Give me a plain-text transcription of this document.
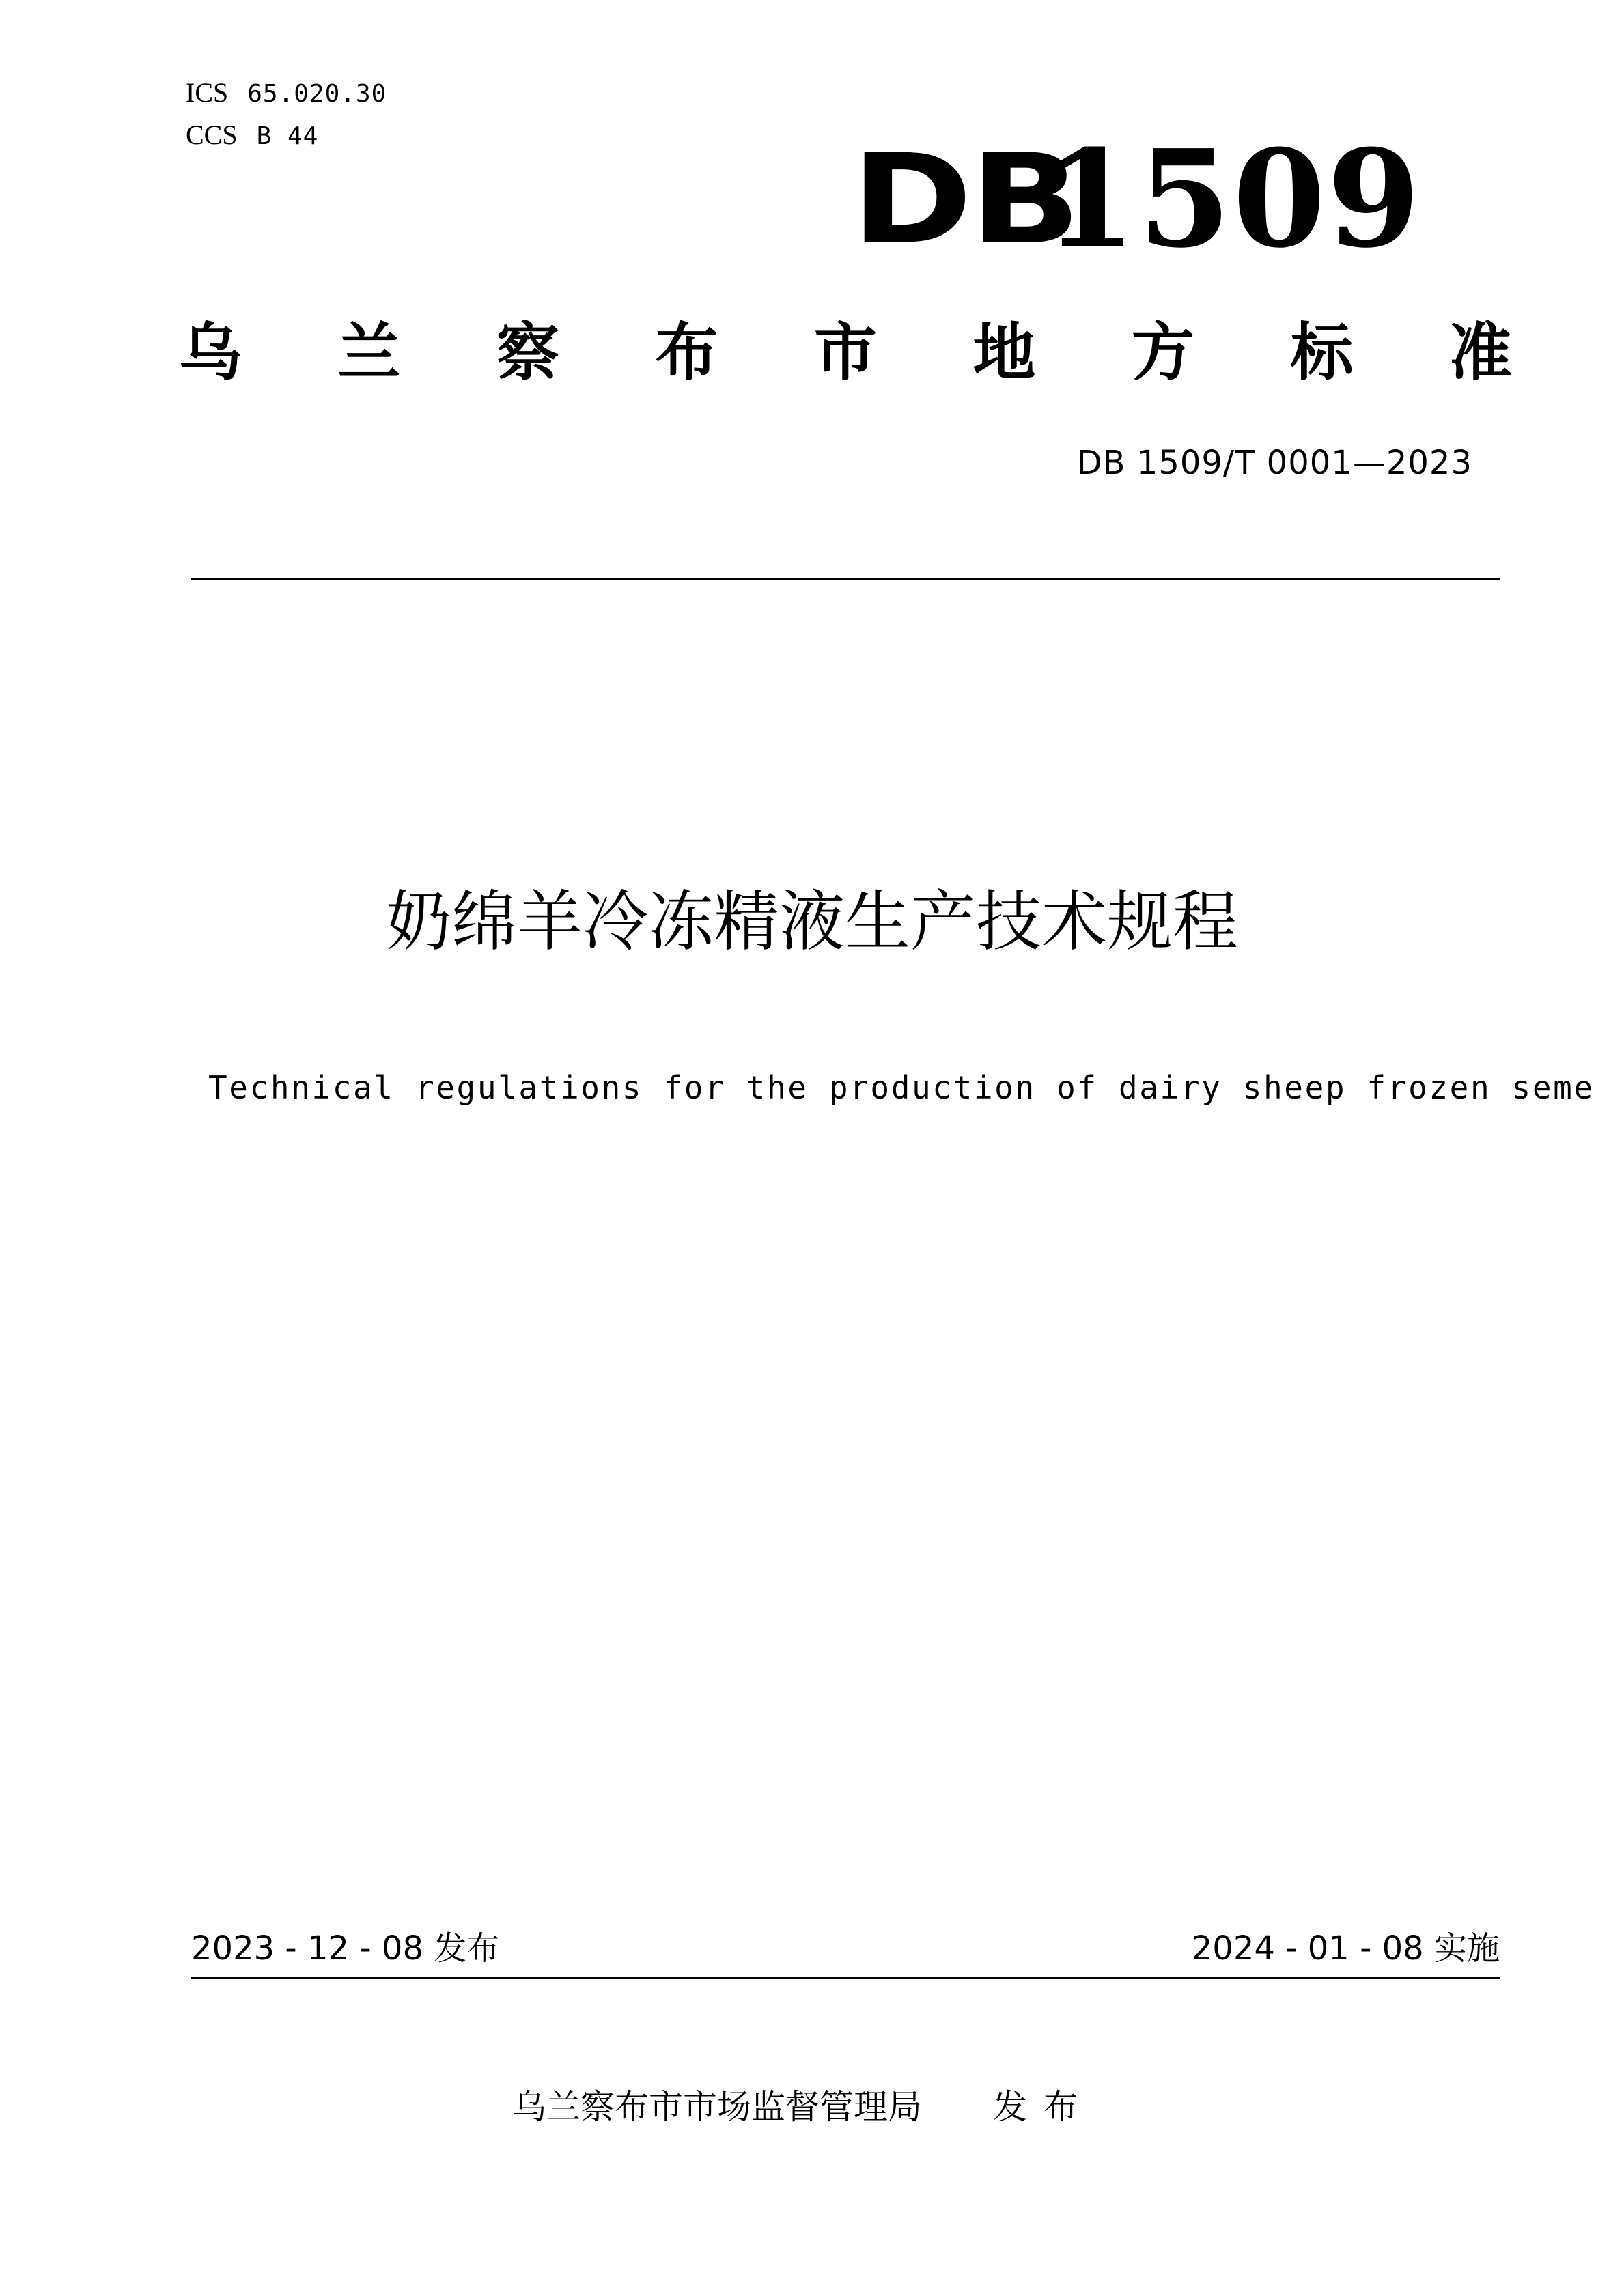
ICS 65.020.30
CCS B 44	DB
1509
乌 兰 察 布 市 地 方 标 准
DB 1509/T 0001—2023
奶绵羊冷冻精液生产技术规程
Technical regulations for the production of dairy sheep frozen seme
2023 - 12 - 08 发布	2024 - 01 - 08 实施
乌兰察布市市场监督管理局 发布
